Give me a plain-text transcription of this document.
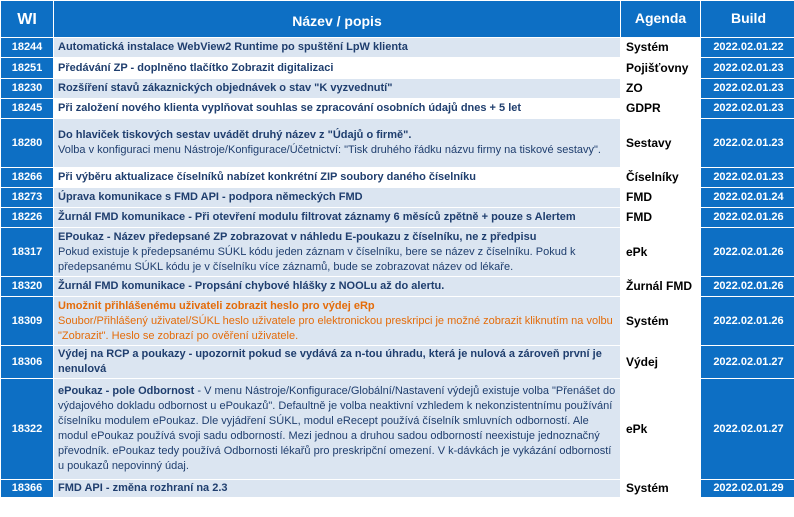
WI	Název / popis	Agenda	Build
18244	Automatická instalace WebView2 Runtime po spuštění LpW klienta	Systém	2022.02.01.22
18251	Předávání ZP - doplněno tlačítko Zobrazit digitalizaci	Pojišťovny	2022.02.01.23
18230	Rozšíření stavů zákaznických objednávek o stav "K vyzvednutí"	ZO	2022.02.01.23
18245	Při založení nového klienta vyplňovat souhlas se zpracování osobních údajů dnes + 5 let	GDPR	2022.02.01.23
18280	Do hlaviček tiskových sestav uvádět druhý název z "Údajů o firmě".
Volba v konfiguraci menu Nástroje/Konfigurace/Účetnictví: "Tisk druhého řádku názvu firmy na tiskové sestavy".	Sestavy	2022.02.01.23
18266	Při výběru aktualizace číselníků nabízet konkrétní ZIP soubory daného číselníku	Číselníky	2022.02.01.23
18273	Úprava komunikace s FMD API - podpora německých FMD	FMD	2022.02.01.24
18226	Žurnál FMD komunikace - Při otevření modulu filtrovat záznamy 6 měsíců zpětně + pouze s Alertem	FMD	2022.02.01.26
18317	EPoukaz - Název předepsané ZP zobrazovat v náhledu E-poukazu z číselníku, ne z předpisu
Pokud existuje k předepsanému SÚKL kódu jeden záznam v číselníku, bere se název z číselníku. Pokud k předepsanému SÚKL kódu je v číselníku více záznamů, bude se zobrazovat název od lékaře.	ePk	2022.02.01.26
18320	Žurnál FMD komunikace - Propsání chybové hlášky z NOOLu až do alertu.	Žurnál FMD	2022.02.01.26
18309	Umožnit přihlášenému uživateli zobrazit heslo pro výdej eRp
Soubor/Přihlášený uživatel/SÚKL heslo uživatele pro elektronickou preskripci je možné zobrazit kliknutím na volbu "Zobrazit". Heslo se zobrazí po ověření uživatele.	Systém	2022.02.01.26
18306	Výdej na RCP a poukazy - upozornit pokud se vydává za n-tou úhradu, která je nulová a zároveň první je nenulová	Výdej	2022.02.01.27
18322	ePoukaz - pole Odbornost - V menu Nástroje/Konfigurace/Globální/Nastavení výdejů existuje volba "Přenášet do výdajového dokladu odbornost u ePoukazů". Defaultně je volba neaktivní vzhledem k nekonzistentnímu používání číselníku modulem ePoukaz. Dle vyjádření SÚKL, modul eRecept používá číselník smluvních odborností. Ale modul ePoukaz používá svoji sadu odborností. Mezi jednou a druhou sadou odborností neexistuje jednoznačný převodník. ePoukaz tedy používá Odbornosti lékařů pro preskripční omezení. V k-dávkách je vykázání odborností u poukazů nepovinný údaj.	ePk	2022.02.01.27
18366	FMD API - změna rozhraní na 2.3	Systém	2022.02.01.29
